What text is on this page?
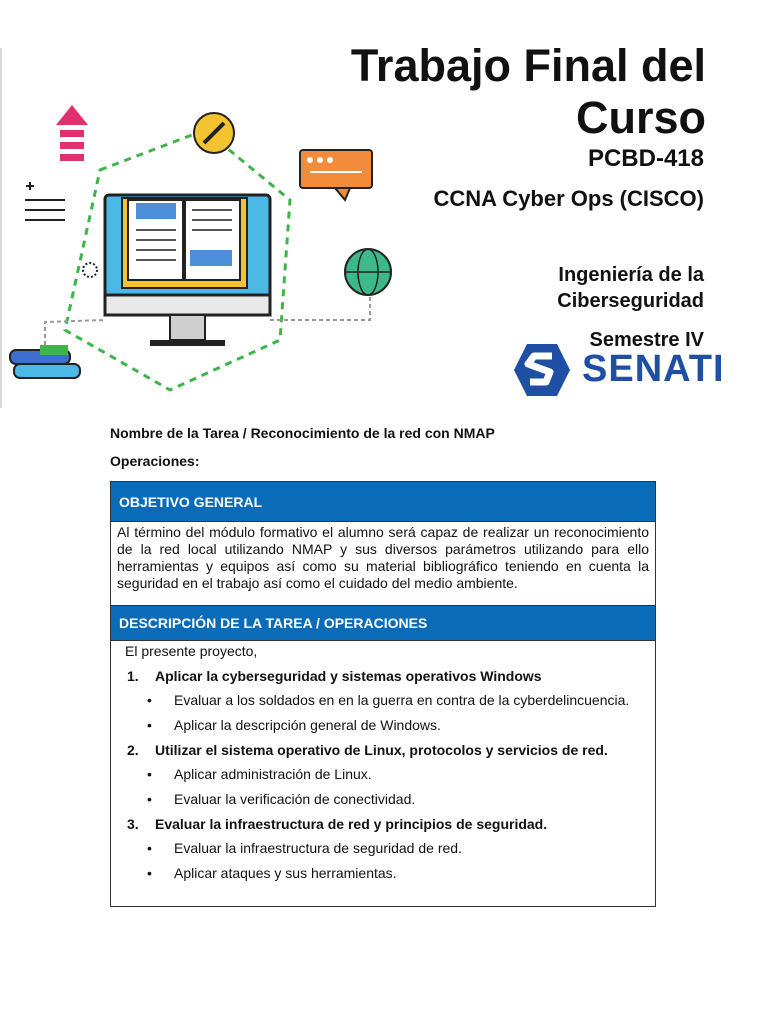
Trabajo Final del
Curso
PCBD-418
CCNA Cyber Ops (CISCO)
Ingeniería de la
Ciberseguridad
Semestre IV
SENATI
Nombre de la Tarea / Reconocimiento de la red con NMAP
Operaciones:
OBJETIVO GENERAL
Al término del módulo formativo el alumno será capaz de realizar un reconocimiento de la red local utilizando NMAP y sus diversos parámetros utilizando para ello herramientas y equipos así como su material bibliográfico teniendo en cuenta la seguridad en el trabajo así como el cuidado del medio ambiente.
DESCRIPCIÓN DE LA TAREA / OPERACIONES
El presente proyecto,
1.	Aplicar la cyberseguridad y sistemas operativos Windows
•	Evaluar a los soldados en en la guerra en contra de la cyberdelincuencia.
•	Aplicar la descripción general de Windows.
2.	Utilizar el sistema operativo de Linux, protocolos y servicios de red.
•	Aplicar administración de Linux.
•	Evaluar la verificación de conectividad.
3.	Evaluar la infraestructura de red y principios de seguridad.
•	Evaluar la infraestructura de seguridad de red.
•	Aplicar ataques y sus herramientas.
